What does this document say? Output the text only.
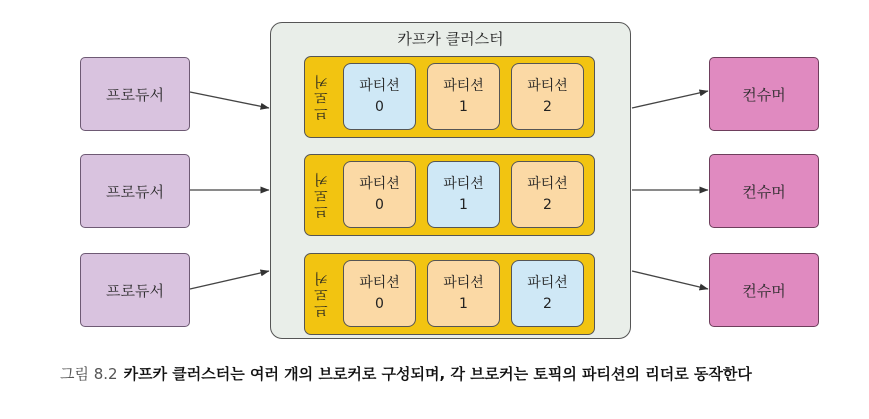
프로듀서
프로듀서
프로듀서
카프카 클러스터
브로커 파티션
0
파티션
1
파티션
2
브로커 파티션
0
파티션
1
파티션
2
브로커 파티션
0
파티션
1
파티션
2
컨슈머
컨슈머
컨슈머
그림 8.2 카프카 클러스터는 여러 개의 브로커로 구성되며, 각 브로커는 토픽의 파티션의 리더로 동작한다
